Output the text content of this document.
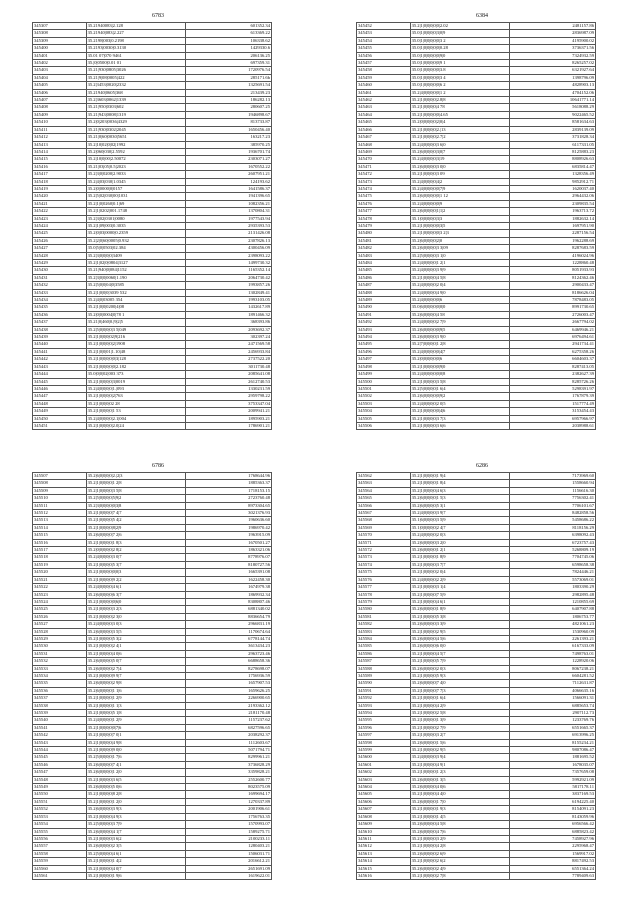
6783
345307	35.21940083|2.128	601352.34
345308	35.21940|083|2.227	613369.22
345309	35.2198|003|0.2198	106338.62
345400	35.2193|0030|0.3130	1429330.6
345401	35.01 07|070 9461	206136.25
345402	35.|0|0500|0.01 01	697359.31
345403	35.21|930|0805|3026	1720976.54
345404	35.21|9|08|0005|422	285171.6b
345405	35.2|3453|0020|2332	1325691.54
345406	35.21940|0605|368	213439.23
345407	35.2|3603|0062|1339	186282.13
345408	35.21|950|0303|602	280607.25
345409	35.21|943|0008|1319	1946898.67
345410	35.2|0|203|0036|4329	813733.87
345411	35.21|930|0302|2045	1650456.40
345412	35.21|0|60|0030|5651	163217.23
345413	35.2|10|02|0|02|1992	385970.25
345414	35.2|060|030|2.5592	1936701.74
345415	35.2|10|0|00|2.50072	2303071.27
345416	35.21|03|05|0.5|2023	1670552.22
345417	35.2|3|0|0200|2.9033	2607951.21
345418	35.2|4|03|030|1.0345	124193.62
345419	35.2|0|0000|0|0157	1641586.37
345420	35.2|5|02|030|00|1031	1941396.65
345421	35.2|1|0|0260|0.1|69	1082356.21
345422	35.2|1|0202|001.1748	1370804.31
345423	35.2|3|02|0301|0080	1977543.94
345424	35.2|1|09|003|0.3035	2935393.53
345425	35.2|0|03|0000|0.2359	2131426.08
345426	35.2|2|0|60|0005|0.932	2307826.13
345427	35.0|5|0|0503|02.384	4300456.09
345428	35.2|3|0|0|0|0|3409	2398093.22
345429	35.2|1|02|0|0804|3127	1499730.32
345430	35.21|940|0|084|1152	1165352.14
345431	35.2|3|0|0|0060|1.190	2064730.42
345432	35.2|5|0|0|04|0|3585	1993857.26
345433	35.2|1|0|0|0|3039 532	1302849.41
345434	35.2|4|0|03005 354	1993103.05
345435	35.2|1|0|0|0200|4|08	1432617.89
345436	35.2|0|0|0004|0|78 1	1891466.32
345437	35.21|0|460|0.|9|2|5	368393.86
345438	35.2|5|0|0|0|0|3 5|049	2093692.37
345439	35.2|1|0|0|0|02|9|216	302397.24
345440	35.2|1|0|0|0|0|2|1908	2471569.58
345441	35.2|1|0|0|01|1.10|48	2456933.84
345442	35.2|1|0|0|0|0|0|3|128	2737522.20
345443	35.2|1|0|0|0|0|0|2.182	3011730.48
345444	35.0|0|0|02|003 373	2085641.08
345445	35.2|1|0|0|0|0|3|0019	2612740.53
345446	35.2|4|0|0|0|0|1.|093	1330231.59
345447	35.2|1|0|0|0|0|2|763	2959798.22
345448	35.2|1|0|0|0|02 28	3753347.04
345449	35.2|1|0|0|0|0|1 53	2009941.21
345450	35.2|4|0|0|0|0|2.1|004	1895903.21
345451	35.2|1|0|0|0|0|2.0|24	1786901.21
6384
345452	35.2|1|0|0|0|0|0|2.02	2481157.86
345453	35.0|1|0|0|0|0|3|0|9	2836987.09
345454	35.0|1|0|0|0|0|0|3 2	4195900.02
345455	35.0|1|0|0|0|0|0|0.28	3736371.56
345456	35.0|1|0|0|0|0|0|9|0	7324932.59
345457	35.0|1|0|0|0|0|0|9 1	8265257.02
345458	35.0|1|0|0|0|0|0|3.8	6321927.64
345459	35.0|1|0|0|0|0|0|3 4	1398796.09
345460	35.0|1|0|0|0|0|0|6 2	4828903.13
345461	35.2|4|0|0|0|0|0|1 2	4704152.06
345462	35.2|1|0|0|0|0|2.8|8	10641771.14
345463	35.2|1|0|0|0|0|4 78	5618088.29
345464	35.2|1|0|0|0|0|0|4.65	9022465.52
345465	35.2|0|0|0|0|0|2|0|4	8581634.63
345466	35.2|1|0|0|0|0|2.|13	2839139.09
345467	35.2|1|0|0|0|0|2.7|2	3731828.34
345468	35.2|4|0|0|0|0|3 6|0	6117331.05
345469	35.2|6|0|0|0|0|3|0|7	8125883.23
345470	35.2|4|0|0|0|0|3|19	8808926.63
345471	35.2|6|0|0|0|0|3 0|0	6835814.47
345472	35.2|1|0|0|0|0|3 09	1328356.49
345473	35.2|4|0|0|0|0|4|2	9852912.71
345474	35.2|4|0|0|0|0|0|7|9	1620037.40
345475	35.2|6|0|0|0|0|0|1 12	2964432.06
345476	35.2|4|0|0|0|0|0|9	2309835.54
345477	35.2|6|0|0|0|0|1|1|2	1963713.72
345478	35.1|0|0|0|0|0|3|3	1882632.14
345479	35.2|1|0|0|0|0|0|3|5	1697951.90
345480	35.2|1|0|0|0|0|0|3 2|3	2287156.54
345481	35.2|6|0|0|0|0|2|0	1962288.69
345482	35.2|6|0|0|0|0|3 3|09	8287683.59
345483	35.2|5|0|0|0|0|3 1|0	4196024.96
345484	35.2|4|0|0|0|0|1 2|1	1228860.48
345485	35.2|4|0|0|0|0|3 9|9	8051933.93
345486	35.2|1|0|0|0|0|4 5|8	8124362.46
345487	35.2|4|0|0|0|0|2 0|4	2900433.47
345488	35.2|4|0|0|0|0|4 9|0	8186626.04
345489	35.2|4|0|0|0|0|0|6	7878483.05
345490	35.0|6|0|0|0|0|0|0|0	8991730.65
345491	35.2|6|0|0|0|0|4 58	2726003.47
345492	35.2|4|0|0|0|0|2 7|9	2667794.02
345493	35.2|6|0|0|0|0|0|9|5	6469946.21
345494	35.2|6|0|0|0|0|3 9|0	6976494.61
345495	35.2|7|0|0|0|0|1 2|8	2941734.41
345496	35.2|4|0|0|0|0|0|4|7	6275358.26
345497	35.2|0|0|0|0|0|0|6	6604603.37
345498	35.2|1|0|0|0|0|0|9|0	8287413.05
345499	35.2|4|0|0|0|0|0|0|8	2382627.39
345500	35.2|1|0|0|0|0|3 5|8	8285726.26
345501	35.2|5|0|0|0|0|1 6|4	5298391.97
345502	35.2|6|0|0|0|0|0|9|2	1767879.39
345503	35.2|4|0|0|0|0|2 0|5	1517774.49
345504	35.2|1|0|0|0|0|0|4|6	3153454.43
345505	35.2|1|0|0|0|0|3 7|3	6957966.97
345506	35.2|1|0|0|0|0|3 6|6	2038988.61
6786
345507	35.2|6|0|0|0|0|2.|2|3	1768644.96
345508	35.2|1|0|0|0|0|1 2|8	1885363.37
345509	35.2|1|0|0|0|0|3 5|8	1718153.15
345510	35.2|5|0|0|0|0|5|9|2	2723760.48
345511	35.2|3|0|0|0|0|0|3|8	8973304.65
345512	35.2|1|0|0|0|0|7 4|7	3021376.93
345513	35.2|1|0|0|0|0|5 4|2	1960636.60
345514	35.2|1|0|0|0|0|8|2|9	1986970.42
345515	35.2|6|0|0|0|0|7 2|6	1963915.09
345516	35.2|1|0|0|0|0|1 8|3	1670501.27
345517	35.2|0|0|0|0|0|2 8|2	1863321.06
345518	35.2|4|0|0|0|0|3 0|7	8778976.07
345519	35.2|1|0|0|0|0|5 3|7	8180727.56
345520	35.2|1|0|0|0|0|0|0|3	1665391.08
345521	35.2|1|0|0|0|0|9 2|2	1622458.30
345522	35.2|4|0|0|0|0|4 6|1	1674979.38
345523	35.2|6|0|0|0|0|6 3|7	1869932.34
345524	35.2|1|0|0|0|0|0|6|0	8308807.46
345525	35.2|1|0|0|0|0|3 2|3	6881340.02
345526	35.2|1|0|0|0|0|2 3|0	8836654.79
345527	35.2|4|0|0|0|0|3 0|3	2966831.19
345528	35.2|6|0|0|0|0|3 5|5	1170674.64
345529	35.2|1|0|0|0|0|5 3|2	6778144.74
345530	35.2|1|0|0|0|0|2 4|1	3613434.23
345531	35.2|1|0|0|0|0|4 0|6	2963723.46
345532	35.2|6|0|0|0|0|5 0|7	6688658.36
345533	35.2|6|0|0|0|0|2 7|4	8278698.07
345534	35.2|1|0|0|0|0|9 9|7	1756936.59
345535	35.2|6|0|0|0|0|2 9|8	1657907.53
345536	35.2|6|0|0|0|0|1 1|6	1659626.25
345537	35.2|1|0|0|0|0|1 2|9	2266900.65
345538	35.2|1|0|0|0|0|1 1|3	2193362.12
345539	35.2|1|0|0|0|0|5 1|8	2181170.48
345540	35.2|4|0|0|0|0|1 2|9	1157237.62
345541	35.2|1|0|0|0|0|0|7|6	6827596.65
345542	35.2|1|0|0|0|0|7 0|1	2038292.37
345543	35.2|1|0|0|0|0|4 9|8	1112603.67
345544	35.2|1|0|0|0|0|9 0|0	5071794.71
345545	35.2|5|0|0|0|0|1 7|6	8299961.21
345546	35.2|6|0|0|0|0|7 4|1	3736828.29
345547	35.2|6|0|0|0|0|1 2|0	3359828.21
345548	35.2|1|0|0|0|0|3 6|5	2552600.77
345549	35.2|6|0|0|0|0|5 0|6	8023575.09
345550	35.2|1|0|0|0|0|8 2|8	1699694.17
345551	35.2|1|0|0|0|0|1 2|0	1270337.89
345552	35.2|6|0|0|0|0|3 9|3	2001906.61
345553	35.2|1|0|0|0|0|4 9|3	1756763.35
345554	35.2|5|0|0|0|0|3 7|9	1570993.07
345555	35.2|6|0|0|0|0|4 1|7	1589275.71
345556	35.2|1|0|0|0|0|3 6|2	2100233.11
345557	35.2|6|0|0|0|0|2 3|5	1280403.21
345558	35.2|5|0|0|0|0|4 6|1	1506031.71
345559	35.2|1|0|0|0|0|1 4|2	2016612.21
345560	35.2|1|0|0|0|0|4 0|7	2651691.09
345561	35.2|1|0|0|0|0|1 9|6	1619622.01
6286
345562	35.2|1|0|0|0|0|1 9|4	7173969.60
345563	35.2|1|0|0|0|0|1 8|4	1558660.94
345564	35.2|1|0|0|0|0|4 6|3	1156616.30
345565	35.2|6|0|0|0|0|1 5|3	7756302.41
345566	35.2|6|0|0|0|0|5 3|1	7706101.67
345567	35.2|4|0|0|0|0|3 9|7	8482858.56
345568	35.1|6|0|0|0|0|3 5|9	5458686.22
345569	35.1|0|0|0|0|0|2 4|7	8118156.29
345570	35.2|4|0|0|0|0|2 0|3	6398092.43
345571	35.2|6|0|0|0|0|3 2|0	6723757.43
345572	35.2|6|0|0|0|0|1 2|1	5268809.19
345573	35.2|1|0|0|0|0|1 8|9	7704745.06
345574	35.2|1|0|0|0|0|3 7|7	6598658.38
345575	35.2|1|0|0|0|0|2 0|4	7824446.21
345576	35.2|4|0|0|0|0|2 2|9	5573069.01
345577	35.2|1|0|0|0|0|3 1|4	1803390.29
345578	35.2|1|0|0|0|0|7 5|9	2982895.48
345579	35.2|1|0|0|0|0|4 6|1	1210855.69
345580	35.2|6|0|0|0|0|1 8|9	6407907.88
345581	35.2|1|0|0|0|0|5 3|8	1806753.77
345582	35.2|6|0|0|0|0|3 3|9	4821061.23
345583	35.2|1|0|0|0|0|2 9|5	1530960.09
345584	35.2|6|0|0|0|0|4 5|6	2261393.21
345585	35.2|6|0|0|0|0|6 0|0	6167333.09
345586	35.2|1|0|0|0|0|4 5|7	7498763.01
345587	35.2|1|0|0|0|0|5 7|9	1228920.06
345588	35.2|6|0|0|0|0|2 0|3	8067238.21
345589	35.2|1|0|0|0|0|5 9|3	6604281.52
345590	35.2|6|0|0|0|0|7 4|0	7112631.87
345591	35.2|1|0|0|0|0|7 7|3	4066635.16
345592	35.2|1|0|0|0|0|1 6|4	1566091.31
345593	35.2|1|0|0|0|0|4 2|9	6885653.74
345594	35.2|1|0|0|0|0|2 5|8	2907112.73
345595	35.2|1|0|0|0|0|1 3|9	1233769.76
345596	35.2|1|0|0|0|0|2 7|9	6551665.37
345597	35.2|1|0|0|0|0|3 2|7	6913996.25
345598	35.2|6|0|0|0|0|1 5|6	8155234.21
345599	35.2|1|0|0|0|0|2 9|5	9807086.47
345600	35.2|4|0|0|0|0|3 9|4	1881695.52
345601	35.2|1|0|0|0|0|4 9|1	1678035.07
345602	35.2|1|0|0|0|0|1 2|3	7357659.08
345603	35.2|6|0|0|0|0|1 3|5	5992921.09
345604	35.2|6|0|0|0|0|4 0|6	5817178.11
345605	35.2|1|0|0|0|0|4 4|0	3837169.53
345606	35.2|6|0|0|0|0|1 7|0	6194225.40
345607	35.2|1|0|0|0|0|1 9|3	8154091.23
345608	35.2|1|0|0|0|0|1 4|5	8143059.96
345609	35.2|6|0|0|0|0|4 5|8	6956566.42
345610	35.2|6|0|0|0|0|4 7|6	6885823.42
345611	35.2|1|0|0|0|0|3 2|9	7458927.96
345612	35.2|1|0|0|0|0|4 2|8	2295968.47
345613	35.2|6|0|0|0|0|2 6|9	1569917.02
345614	35.2|1|0|0|0|0|2 6|2	8817492.53
345615	35.2|6|0|0|0|0|2 4|9	6551364.24
345616	35.2|1|0|0|0|0|2 7|8	7789409.63
